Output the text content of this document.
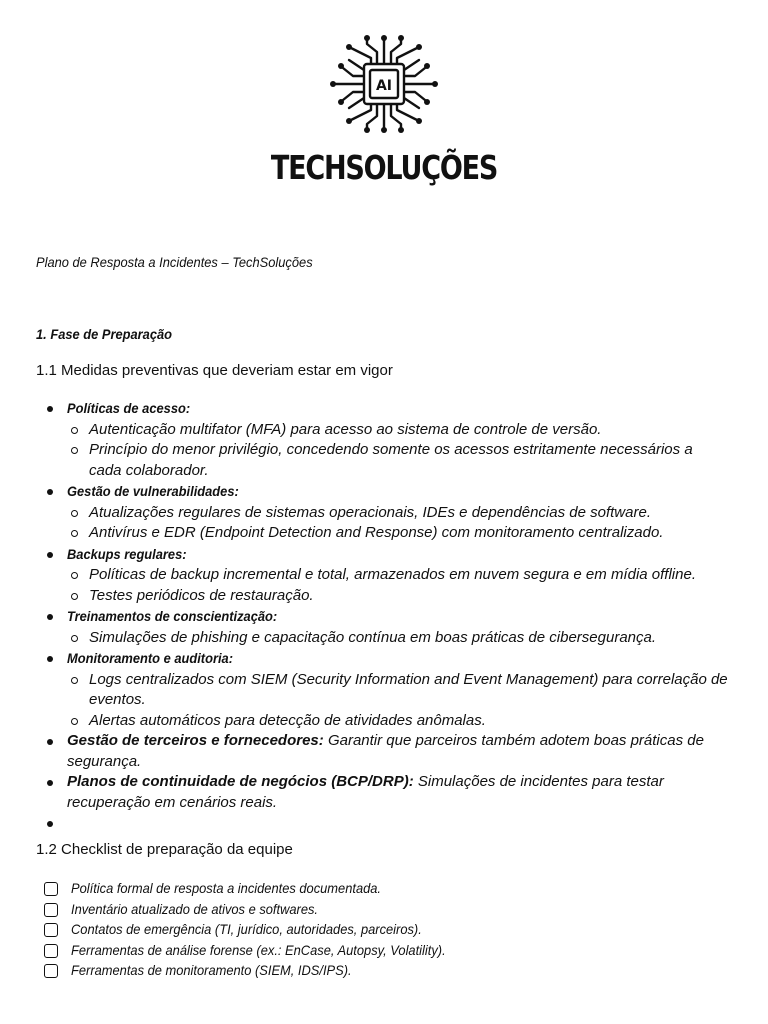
AI
TECHSOLUÇÕES
Plano de Resposta a Incidentes – TechSoluções
1. Fase de Preparação
1.1 Medidas preventivas que deveriam estar em vigor
Políticas de acesso:
Autenticação multifator (MFA) para acesso ao sistema de controle de versão.
Princípio do menor privilégio, concedendo somente os acessos estritamente necessários a cada colaborador.
Gestão de vulnerabilidades:
Atualizações regulares de sistemas operacionais, IDEs e dependências de software.
Antivírus e EDR (Endpoint Detection and Response) com monitoramento centralizado.
Backups regulares:
Políticas de backup incremental e total, armazenados em nuvem segura e em mídia offline.
Testes periódicos de restauração.
Treinamentos de conscientização:
Simulações de phishing e capacitação contínua em boas práticas de cibersegurança.
Monitoramento e auditoria:
Logs centralizados com SIEM (Security Information and Event Management) para correlação de eventos.
Alertas automáticos para detecção de atividades anômalas.
Gestão de terceiros e fornecedores: Garantir que parceiros também adotem boas práticas de segurança.
Planos de continuidade de negócios (BCP/DRP): Simulações de incidentes para testar recuperação em cenários reais.
1.2 Checklist de preparação da equipe
Política formal de resposta a incidentes documentada.
Inventário atualizado de ativos e softwares.
Contatos de emergência (TI, jurídico, autoridades, parceiros).
Ferramentas de análise forense (ex.: EnCase, Autopsy, Volatility).
Ferramentas de monitoramento (SIEM, IDS/IPS).
